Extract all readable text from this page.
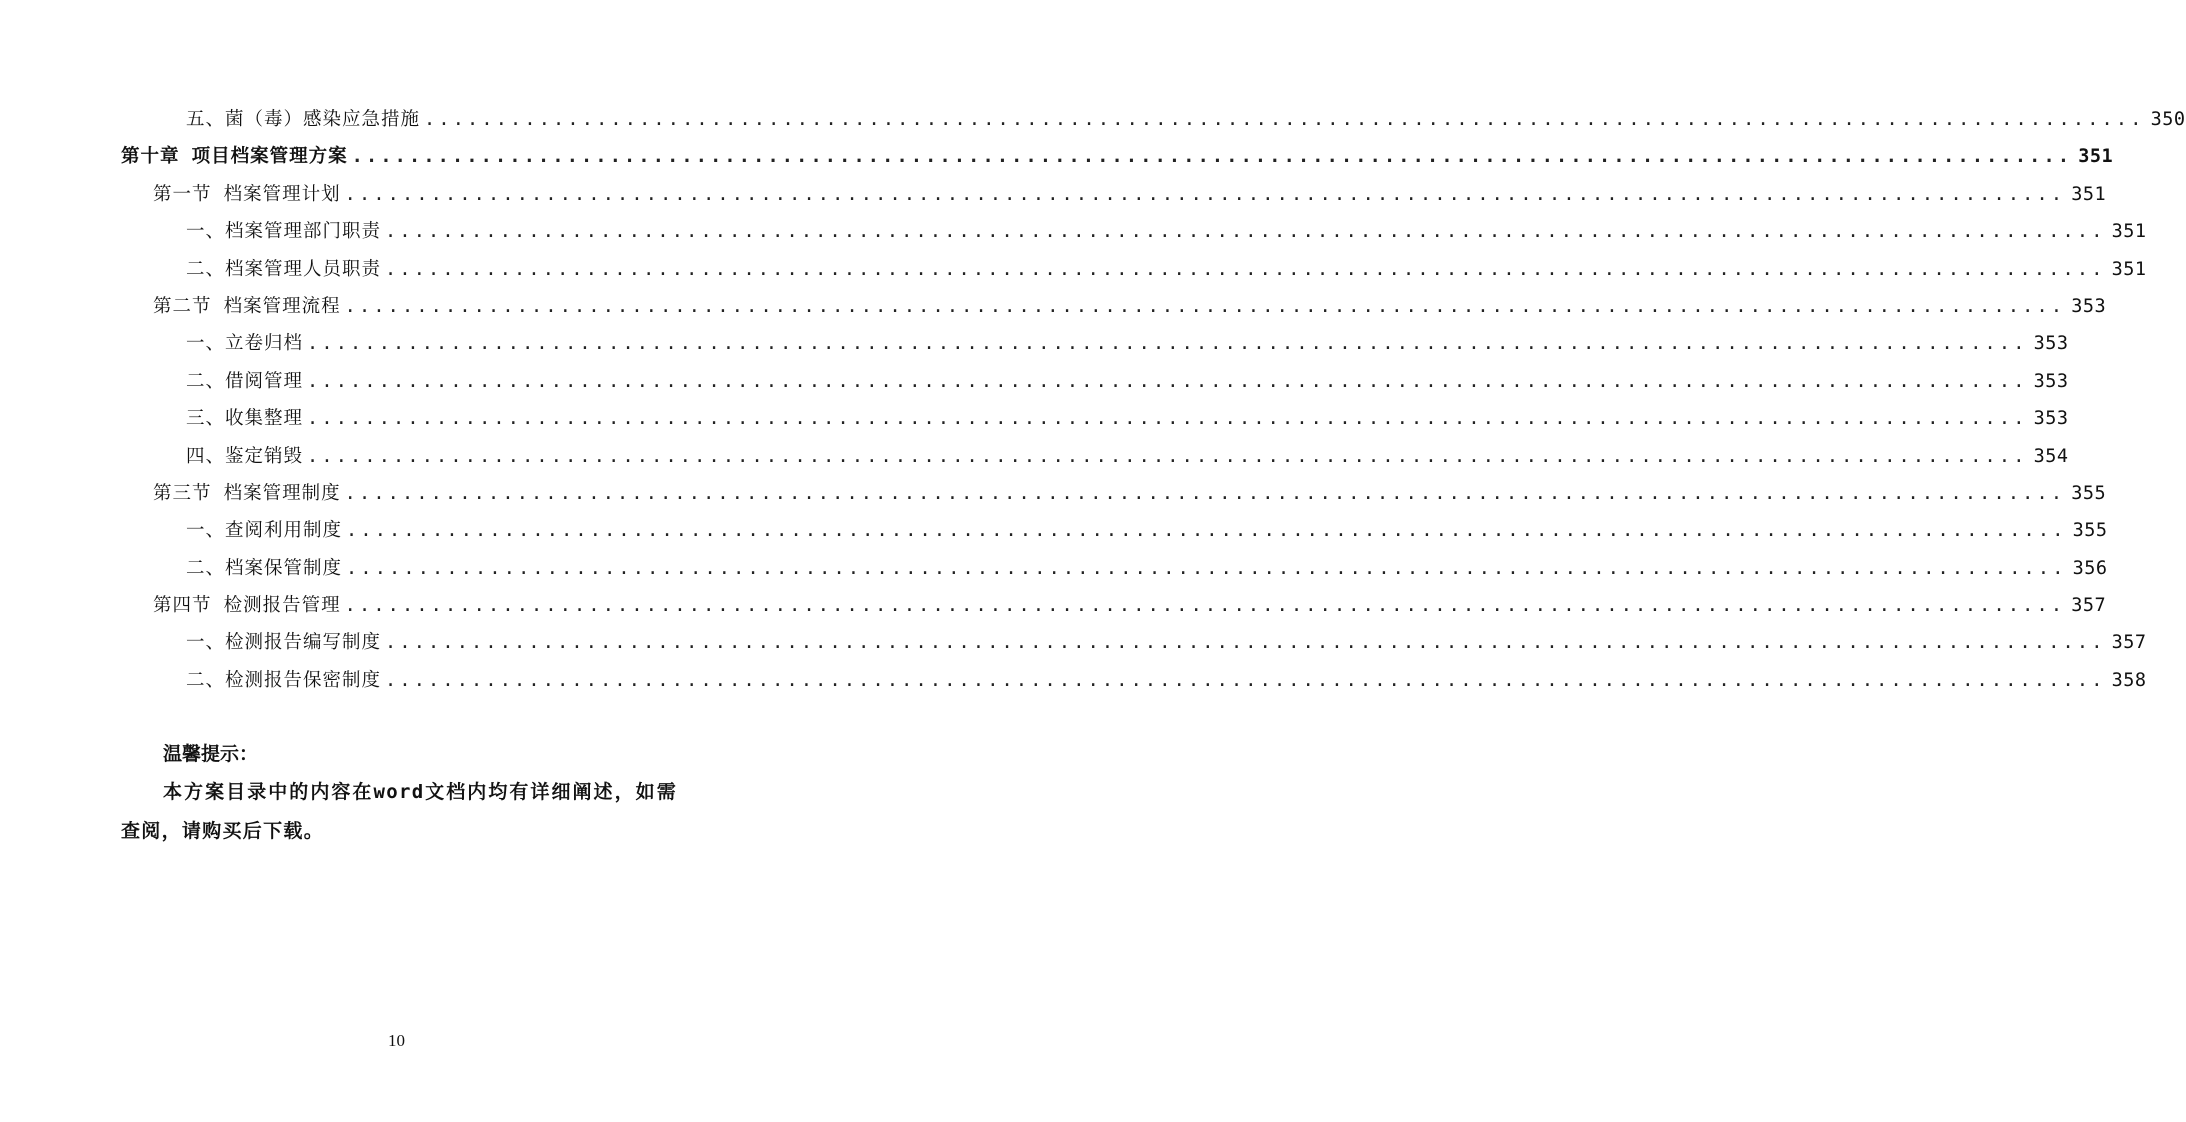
五、菌（毒）感染应急措施 ........................................................................................................................ 350
第十章 项目档案管理方案 ........................................................................................................................ 351
第一节 档案管理计划 ........................................................................................................................ 351
一、档案管理部门职责 ........................................................................................................................ 351
二、档案管理人员职责 ........................................................................................................................ 351
第二节 档案管理流程 ........................................................................................................................ 353
一、立卷归档 ........................................................................................................................ 353
二、借阅管理 ........................................................................................................................ 353
三、收集整理 ........................................................................................................................ 353
四、鉴定销毁 ........................................................................................................................ 354
第三节 档案管理制度 ........................................................................................................................ 355
一、查阅利用制度 ........................................................................................................................ 355
二、档案保管制度 ........................................................................................................................ 356
第四节 检测报告管理 ........................................................................................................................ 357
一、检测报告编写制度 ........................................................................................................................ 357
二、检测报告保密制度 ........................................................................................................................ 358
温馨提示：
本方案目录中的内容在word文档内均有详细阐述，如需查阅，请购买后下载。
10
